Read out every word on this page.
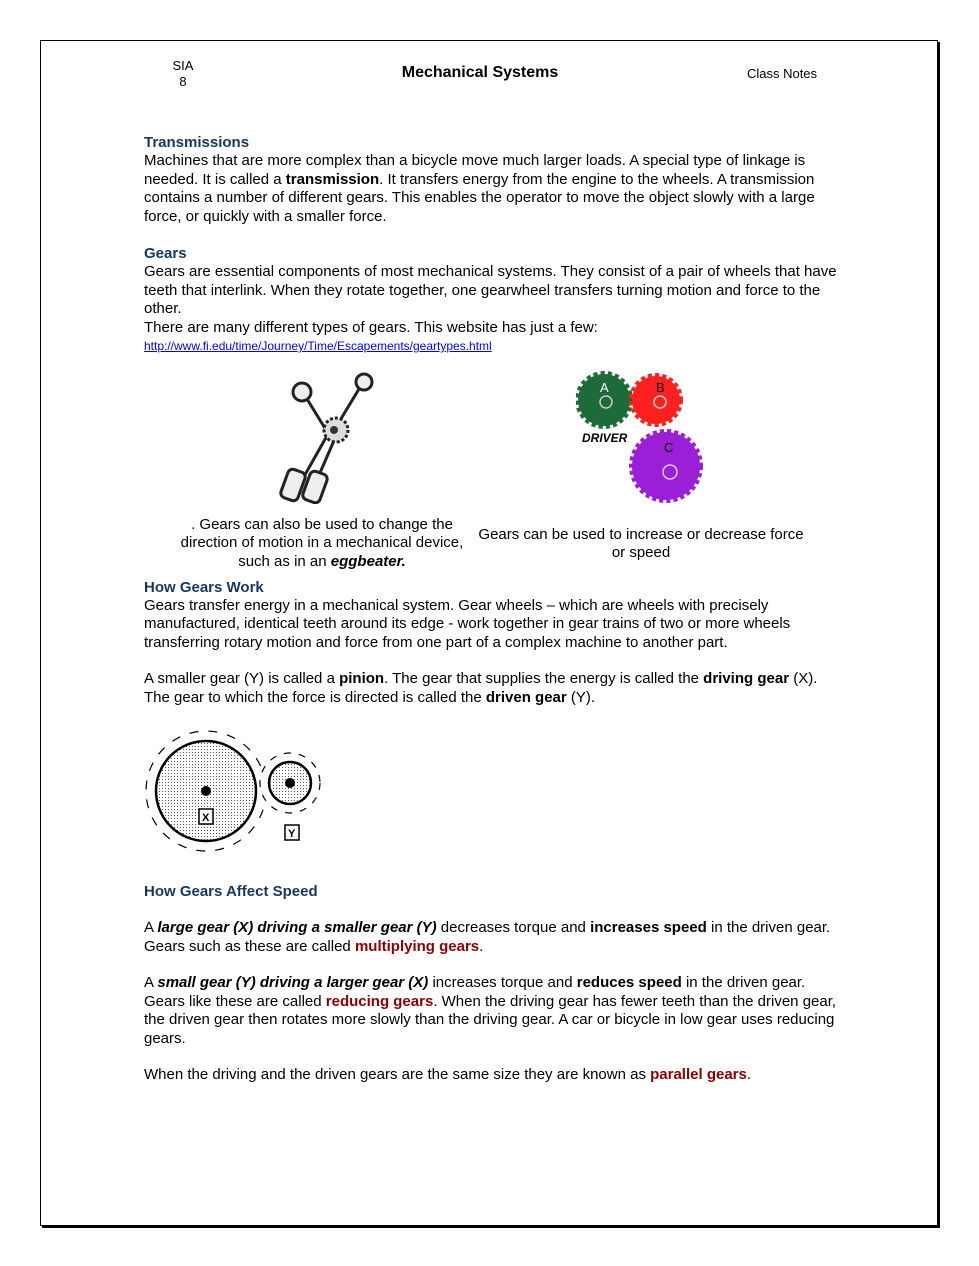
SIA
8
Mechanical Systems	Class Notes
Transmissions

Machines that are more complex than a bicycle move much larger loads. A special type of linkage is needed. It is called a transmission. It transfers energy from the engine to the wheels. A transmission contains a number of different gears. This enables the operator to move the object slowly with a large force, or quickly with a smaller force.

Gears

Gears are essential components of most mechanical systems. They consist of a pair of wheels that have teeth that interlink. When they rotate together, one gearwheel transfers turning motion and force to the other.

There are many different types of gears. This website has just a few:

http://www.fi.edu/time/Journey/Time/Escapements/geartypes.html
A	B
C
DRIVER

. Gears can also be used to change the direction of motion in a mechanical device, such as in an eggbeater.

Gears can be used to increase or decrease force or speed

How Gears Work

Gears transfer energy in a mechanical system. Gear wheels – which are wheels with precisely manufactured, identical teeth around its edge - work together in gear trains of two or more wheels transferring rotary motion and force from one part of a complex machine to another part.

A smaller gear (Y) is called a pinion. The gear that supplies the energy is called the driving gear (X). The gear to which the force is directed is called the driven gear (Y).

X
Y
How Gears Affect Speed

A large gear (X) driving a smaller gear (Y) decreases torque and increases speed in the driven gear. Gears such as these are called multiplying gears.

A small gear (Y) driving a larger gear (X) increases torque and reduces speed in the driven gear. Gears like these are called reducing gears. When the driving gear has fewer teeth than the driven gear, the driven gear then rotates more slowly than the driving gear. A car or bicycle in low gear uses reducing gears.

When the driving and the driven gears are the same size they are known as parallel gears.
